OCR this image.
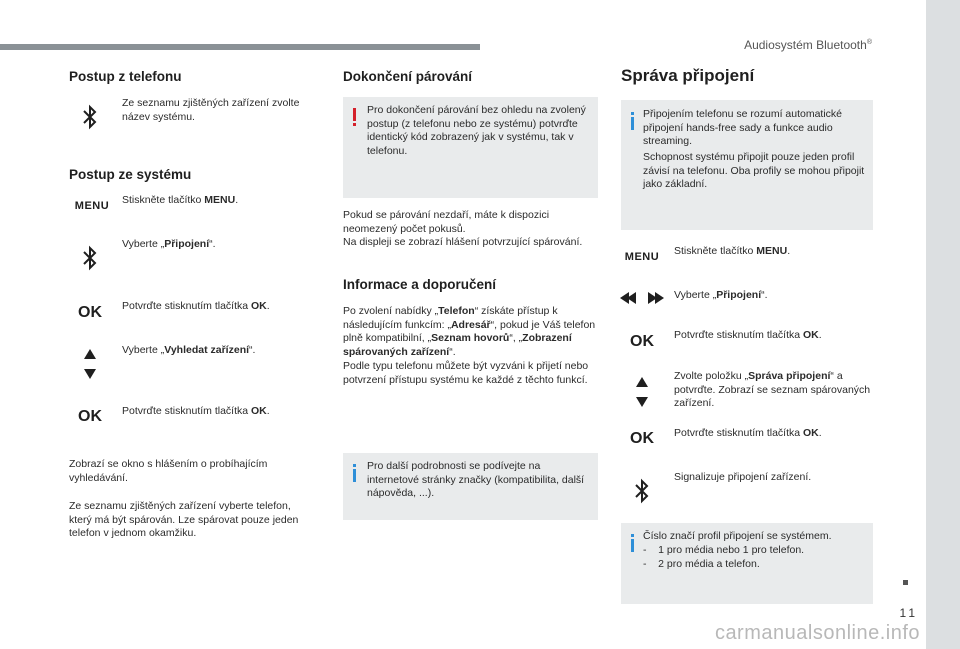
Audiosystém Bluetooth®
Postup z telefonu
Ze seznamu zjištěných zařízení zvolte název systému.
Postup ze systému
MENU	Stiskněte tlačítko MENU.
Vyberte „Připojení“.
OK	Potvrďte stisknutím tlačítka OK.
Vyberte „Vyhledat zařízení“.
OK	Potvrďte stisknutím tlačítka OK.
Zobrazí se okno s hlášením o probíhajícím vyhledávání.
Ze seznamu zjištěných zařízení vyberte telefon, který má být spárován. Lze spárovat pouze jeden telefon v jednom okamžiku.
Dokončení párování
Pro dokončení párování bez ohledu na zvolený postup (z telefonu nebo ze systému) potvrďte identický kód zobrazený jak v systému, tak v telefonu.
Pokud se párování nezdaří, máte k dispozici neomezený počet pokusů.
Na displeji se zobrazí hlášení potvrzující spárování.
Informace a doporučení
Po zvolení nabídky „Telefon“ získáte přístup k následujícím funkcím: „Adresář“, pokud je Váš telefon plně kompatibilní, „Seznam hovorů“, „Zobrazení spárovaných zařízení“.
Podle typu telefonu můžete být vyzváni k přijetí nebo potvrzení přístupu systému ke každé z těchto funkcí.
Pro další podrobnosti se podívejte na internetové stránky značky (kompatibilita, další nápověda, ...).
Správa připojení
Připojením telefonu se rozumí automatické připojení hands-free sady a funkce audio streaming.
Schopnost systému připojit pouze jeden profil závisí na telefonu. Oba profily se mohou připojit jako základní.
MENU	Stiskněte tlačítko MENU.
Vyberte „Připojení“.
OK	Potvrďte stisknutím tlačítka OK.
Zvolte položku „Správa připojení“ a potvrďte. Zobrazí se seznam spárovaných zařízení.
OK	Potvrďte stisknutím tlačítka OK.
Signalizuje připojení zařízení.
Číslo značí profil připojení se systémem.
-    1 pro média nebo 1 pro telefon.
-    2 pro média a telefon.
11
carmanualsonline.info
